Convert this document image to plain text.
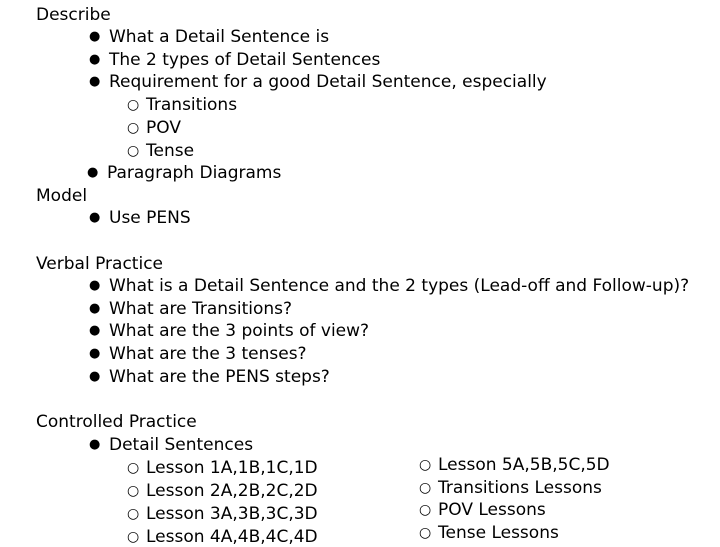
Describe
● What a Detail Sentence is
● The 2 types of Detail Sentences
● Requirement for a good Detail Sentence, especially
○ Transitions
○ POV
○ Tense
● Paragraph Diagrams
Model
● Use PENS
Verbal Practice
● What is a Detail Sentence and the 2 types (Lead-off and Follow-up)?
● What are Transitions?
● What are the 3 points of view?
● What are the 3 tenses?
● What are the PENS steps?
Controlled Practice
● Detail Sentences
○ Lesson 1A,1B,1C,1D
○ Lesson 2A,2B,2C,2D
○ Lesson 3A,3B,3C,3D
○ Lesson 4A,4B,4C,4D
○ Lesson 5A,5B,5C,5D
○ Transitions Lessons
○ POV Lessons
○ Tense Lessons
